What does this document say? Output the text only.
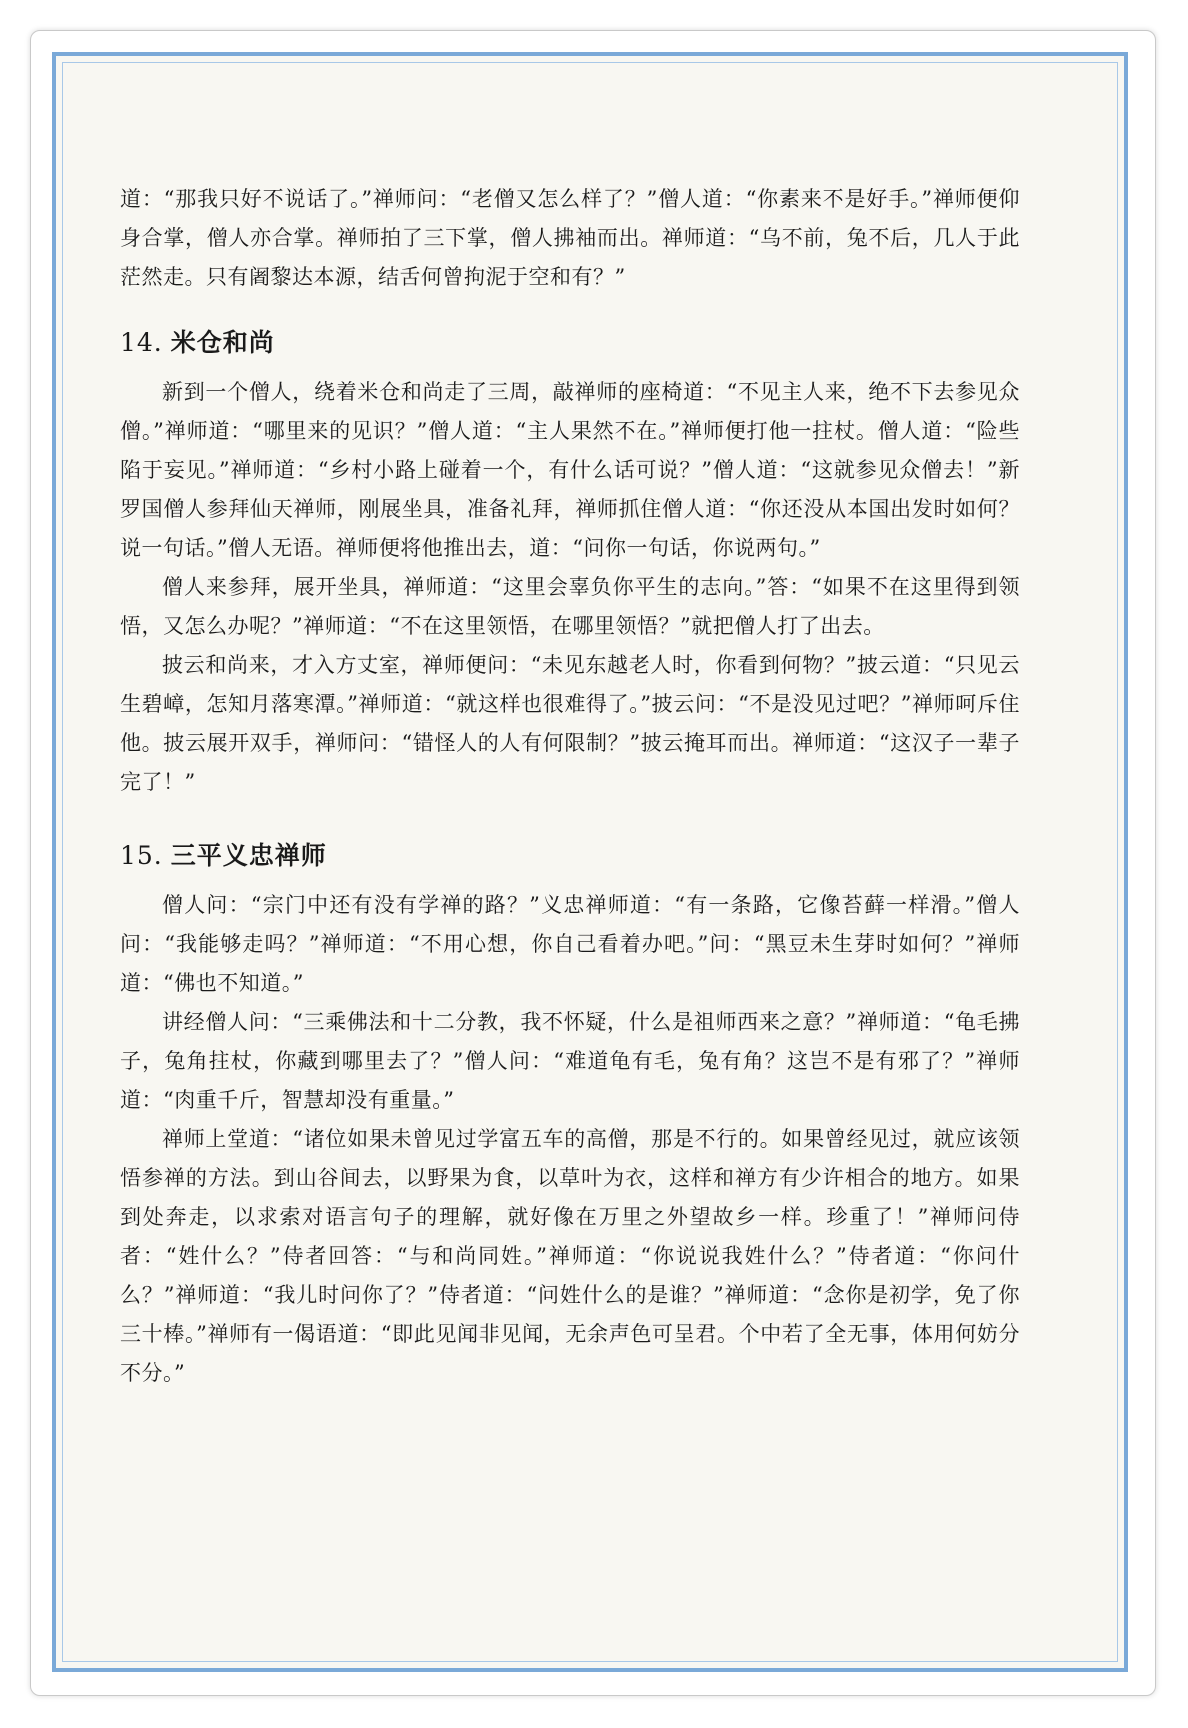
道：“那我只好不说话了。”禅师问：“老僧又怎么样了？”僧人道：“你素来不是好手。”禅师便仰身合掌，僧人亦合掌。禅师拍了三下掌，僧人拂袖而出。禅师道：“乌不前，兔不后，几人于此茫然走。只有阇黎达本源，结舌何曾拘泥于空和有？”

14. 米仓和尚

新到一个僧人，绕着米仓和尚走了三周，敲禅师的座椅道：“不见主人来，绝不下去参见众僧。”禅师道：“哪里来的见识？”僧人道：“主人果然不在。”禅师便打他一拄杖。僧人道：“险些陷于妄见。”禅师道：“乡村小路上碰着一个，有什么话可说？”僧人道：“这就参见众僧去！”新罗国僧人参拜仙天禅师，刚展坐具，准备礼拜，禅师抓住僧人道：“你还没从本国出发时如何？说一句话。”僧人无语。禅师便将他推出去，道：“问你一句话，你说两句。”

僧人来参拜，展开坐具，禅师道：“这里会辜负你平生的志向。”答：“如果不在这里得到领悟，又怎么办呢？”禅师道：“不在这里领悟，在哪里领悟？”就把僧人打了出去。

披云和尚来，才入方丈室，禅师便问：“未见东越老人时，你看到何物？”披云道：“只见云生碧嶂，怎知月落寒潭。”禅师道：“就这样也很难得了。”披云问：“不是没见过吧？”禅师呵斥住他。披云展开双手，禅师问：“错怪人的人有何限制？”披云掩耳而出。禅师道：“这汉子一辈子完了！”

15. 三平义忠禅师

僧人问：“宗门中还有没有学禅的路？”义忠禅师道：“有一条路，它像苔藓一样滑。”僧人问：“我能够走吗？”禅师道：“不用心想，你自己看着办吧。”问：“黑豆未生芽时如何？”禅师道：“佛也不知道。”

讲经僧人问：“三乘佛法和十二分教，我不怀疑，什么是祖师西来之意？”禅师道：“龟毛拂子，兔角拄杖，你藏到哪里去了？”僧人问：“难道龟有毛，兔有角？这岂不是有邪了？”禅师道：“肉重千斤，智慧却没有重量。”

禅师上堂道：“诸位如果未曾见过学富五车的高僧，那是不行的。如果曾经见过，就应该领悟参禅的方法。到山谷间去，以野果为食，以草叶为衣，这样和禅方有少许相合的地方。如果到处奔走，以求索对语言句子的理解，就好像在万里之外望故乡一样。珍重了！”禅师问侍者：“姓什么？”侍者回答：“与和尚同姓。”禅师道：“你说说我姓什么？”侍者道：“你问什么？”禅师道：“我儿时问你了？”侍者道：“问姓什么的是谁？”禅师道：“念你是初学，免了你三十棒。”禅师有一偈语道：“即此见闻非见闻，无余声色可呈君。个中若了全无事，体用何妨分不分。”
